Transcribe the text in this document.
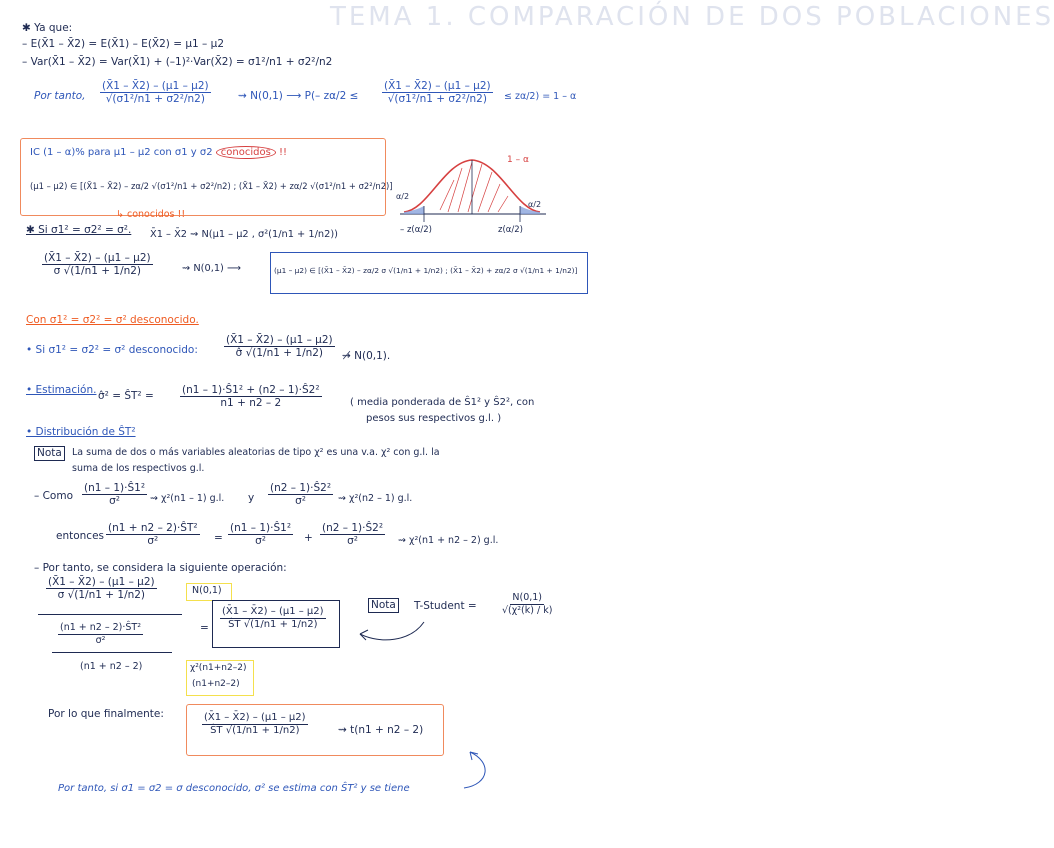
TEMA 1. COMPARACIÓN DE DOS POBLACIONES
✱ Ya que:
– E(X̄1 – X̄2) = E(X̄1) – E(X̄2) = μ1 – μ2
– Var(X̄1 – X̄2) = Var(X̄1) + (–1)²·Var(X̄2) = σ1²/n1 + σ2²/n2
Por tanto, $\frac{(X̄1 - X̄2) - (\mu 1 - \mu 2)}{\text{√(σ1²/n1 + σ2²/n2)}}$	⇝ N(0,1) ⟶ P(– $z\alpha/2 \le \frac{(X̄1 - X̄2) - (\mu 1 - \mu 2)}{\text{√(σ1²/n1 + σ2²/n2)}} \le z\alpha/2) = 1 - \alpha$
IC (1 – α)% para μ1 – μ2 con σ1 y σ2 conocidos !!
(μ1 – μ2) ∈ [(X̄1 – X̄2) – zα/2 √(σ1²/n1 + σ2²/n2) ; (X̄1 – X̄2) + zα/2 √(σ1²/n1 + σ2²/n2)]
1 – α
α/2
α/2
– z(α/2)	z(α/2)
↳ conocidos !!
✱ Si σ1² = σ2² = σ². X̄1 – X̄2 ⇝ N(μ1 – μ2 , σ²(1/n1 + 1/n2))
$\frac{(X̄1 - X̄2) - (\mu 1 - \mu 2)}{\sigma √(1/n1 + 1/n2)}$	⇝ N(0,1) ⟶	(μ1 – μ2) ∈ [(X̄1 – X̄2) – zα/2 σ √(1/n1 + 1/n2) ; (X̄1 – X̄2) + zα/2 σ √(1/n1 + 1/n2)]
Con σ1² = σ2² = σ² desconocido.
• Si σ1² = σ2² = σ² desconocido: $\frac{(X̄1 - X̄2) - (\mu 1 - \mu 2)}{\sigmâ √(1/n1 + 1/n2)}$ ⇝̸ N(0,1).
• Estimación. σ̂² = ŜT² = $\frac{\text{(n1 – 1)·Ŝ1² + (n2 – 1)·Ŝ2²}}{n1 + n2 - 2}$	( media ponderada de Ŝ1² y Ŝ2², con
pesos sus respectivos g.l. )
• Distribución de ŜT²
Nota	La suma de dos o más variables aleatorias de tipo χ² es una v.a. χ² con g.l. la
suma de los respectivos g.l.
– Como $\frac{\text{(n1 – 1)·Ŝ1²}}{\text{σ²}}$ ⇝ χ²(n1 – 1) g.l. y $\frac{\text{(n2 – 1)·Ŝ2²}}{\text{σ²}}$ ⇝ χ²(n2 – 1) g.l.
entonces $\frac{\text{(n1 + n2 – 2)·ŜT²}}{\text{σ²}} = \frac{\text{(n1 – 1)·Ŝ1²}}{\text{σ²}} + \frac{\text{(n2 – 1)·Ŝ2²}}{\text{σ²}}$ ⇝ χ²(n1 + n2 – 2) g.l.
– Por tanto, se considera la siguiente operación:
$\frac{(X̄1 - X̄2) - (\mu 1 - \mu 2)}{\sigma √(1/n1 + 1/n2)}$
$\frac{\text{(n1 + n2 – 2)·ŜT²}}{\text{σ²}}$
(n1 + n2 – 2)
N(0,1)
= $\frac{(X̄1 - X̄2) - (\mu 1 - \mu 2)}{ŜT √(1/n1 + 1/n2)}$
χ²(n1+n2–2)
(n1+n2–2)
Nota T-Student = $\frac{N(0,1)}{\text{√(χ²(k) / k)}}$
Por lo que finalmente:	$\frac{(X̄1 - X̄2) - (\mu 1 - \mu 2)}{ŜT √(1/n1 + 1/n2)}$	⇝ t(n1 + n2 – 2)
Por tanto, si σ1 = σ2 = σ desconocido, σ² se estima con ŜT² y se tiene
